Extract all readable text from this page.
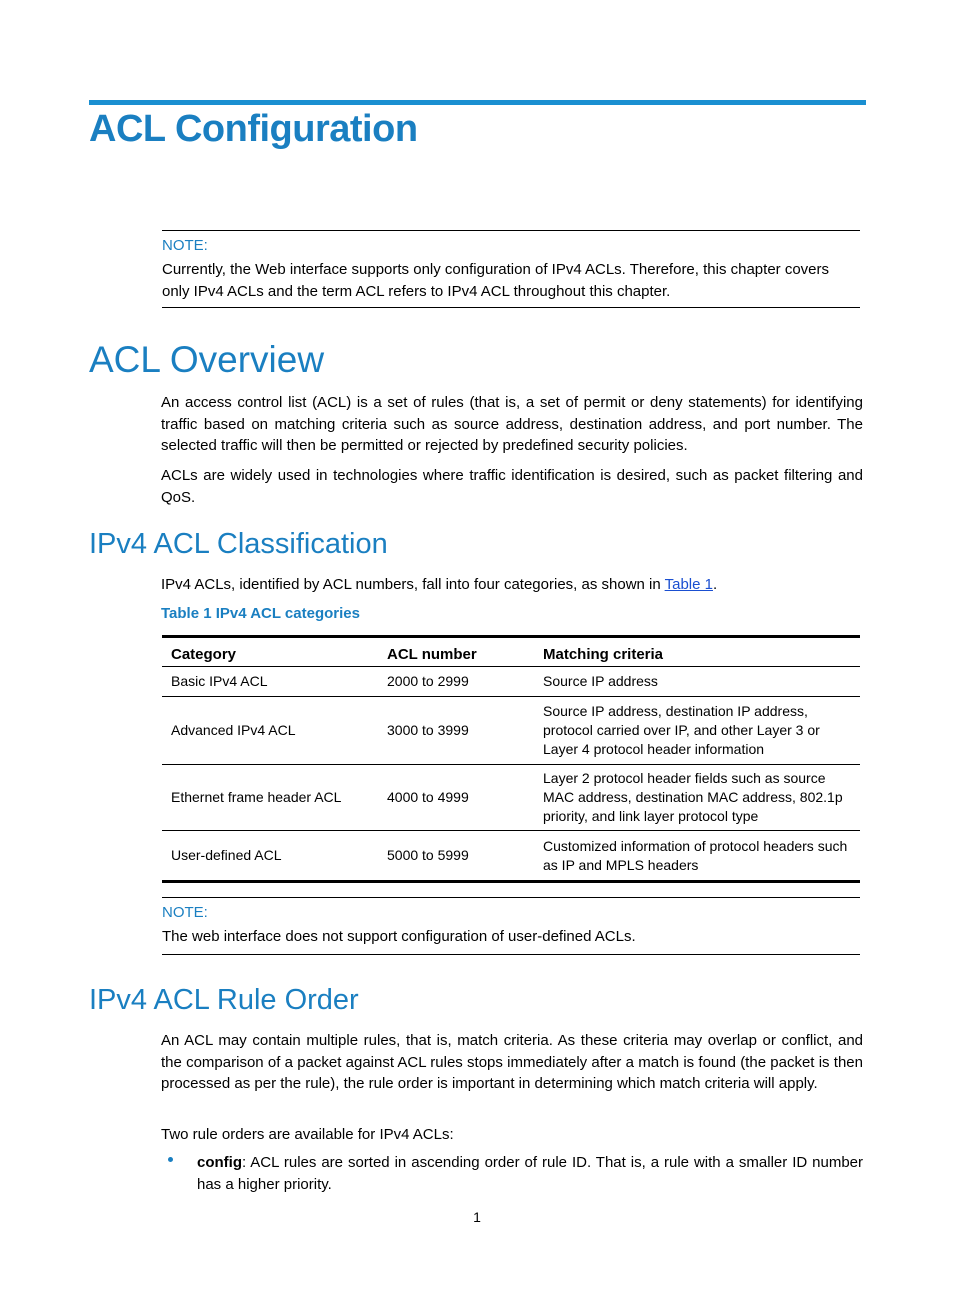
ACL Configuration
NOTE:

Currently, the Web interface supports only configuration of IPv4 ACLs. Therefore, this chapter covers only IPv4 ACLs and the term ACL refers to IPv4 ACL throughout this chapter.

ACL Overview

An access control list (ACL) is a set of rules (that is, a set of permit or deny statements) for identifying traffic based on matching criteria such as source address, destination address, and port number. The selected traffic will then be permitted or rejected by predefined security policies.

ACLs are widely used in technologies where traffic identification is desired, such as packet filtering and QoS.

IPv4 ACL Classification

IPv4 ACLs, identified by ACL numbers, fall into four categories, as shown in Table 1.

Table 1 IPv4 ACL categories

Category	ACL number	Matching criteria
Basic IPv4 ACL	2000 to 2999	Source IP address
Advanced IPv4 ACL	3000 to 3999	Source IP address, destination IP address, protocol carried over IP, and other Layer 3 or Layer 4 protocol header information
Ethernet frame header ACL	4000 to 4999	Layer 2 protocol header fields such as source MAC address, destination MAC address, 802.1p priority, and link layer protocol type
User-defined ACL	5000 to 5999	Customized information of protocol headers such as IP and MPLS headers
NOTE:

The web interface does not support configuration of user-defined ACLs.

IPv4 ACL Rule Order

An ACL may contain multiple rules, that is, match criteria. As these criteria may overlap or conflict, and the comparison of a packet against ACL rules stops immediately after a match is found (the packet is then processed as per the rule), the rule order is important in determining which match criteria will apply.

Two rule orders are available for IPv4 ACLs:

config: ACL rules are sorted in ascending order of rule ID. That is, a rule with a smaller ID number has a higher priority.

1
